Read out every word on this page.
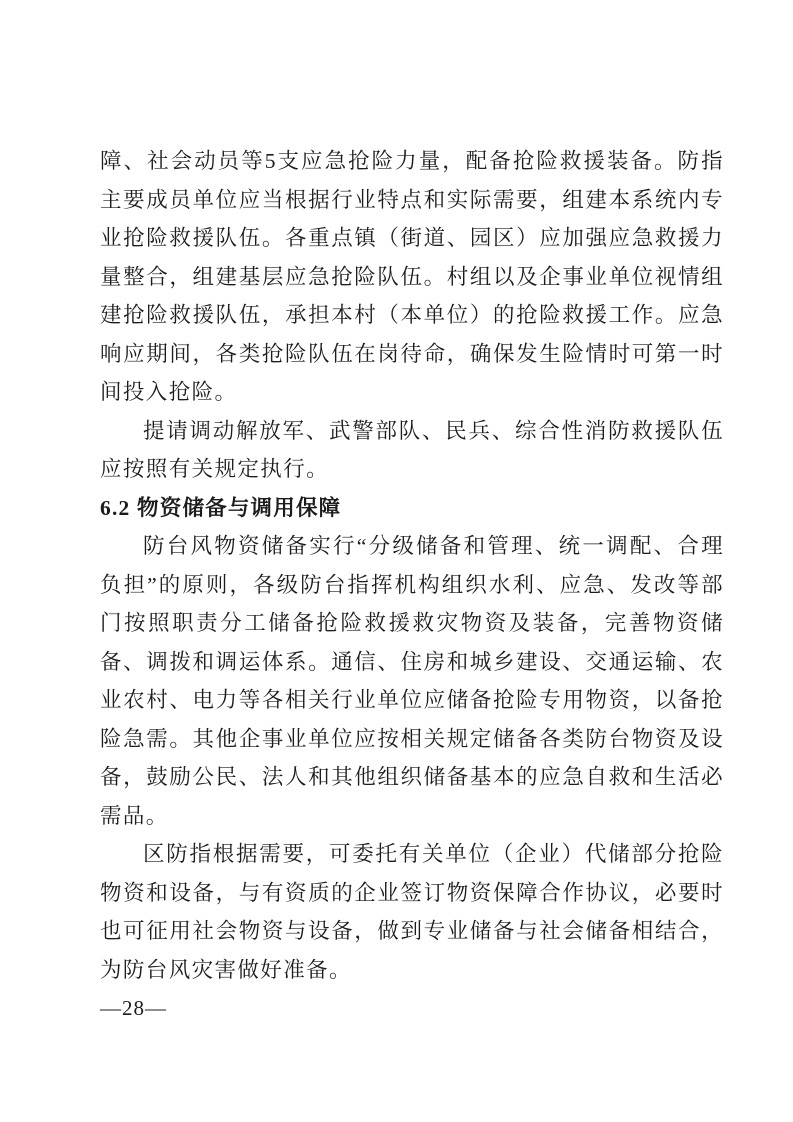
障、社会动员等5支应急抢险力量，配备抢险救援装备。防指主要成员单位应当根据行业特点和实际需要，组建本系统内专业抢险救援队伍。各重点镇（街道、园区）应加强应急救援力量整合，组建基层应急抢险队伍。村组以及企事业单位视情组建抢险救援队伍，承担本村（本单位）的抢险救援工作。应急响应期间，各类抢险队伍在岗待命，确保发生险情时可第一时间投入抢险。

提请调动解放军、武警部队、民兵、综合性消防救援队伍应按照有关规定执行。

6.2 物资储备与调用保障

防台风物资储备实行“分级储备和管理、统一调配、合理负担”的原则，各级防台指挥机构组织水利、应急、发改等部门按照职责分工储备抢险救援救灾物资及装备，完善物资储备、调拨和调运体系。通信、住房和城乡建设、交通运输、农业农村、电力等各相关行业单位应储备抢险专用物资，以备抢险急需。其他企事业单位应按相关规定储备各类防台物资及设备，鼓励公民、法人和其他组织储备基本的应急自救和生活必需品。

区防指根据需要，可委托有关单位（企业）代储部分抢险物资和设备，与有资质的企业签订物资保障合作协议，必要时也可征用社会物资与设备，做到专业储备与社会储备相结合，为防台风灾害做好准备。

—28—
